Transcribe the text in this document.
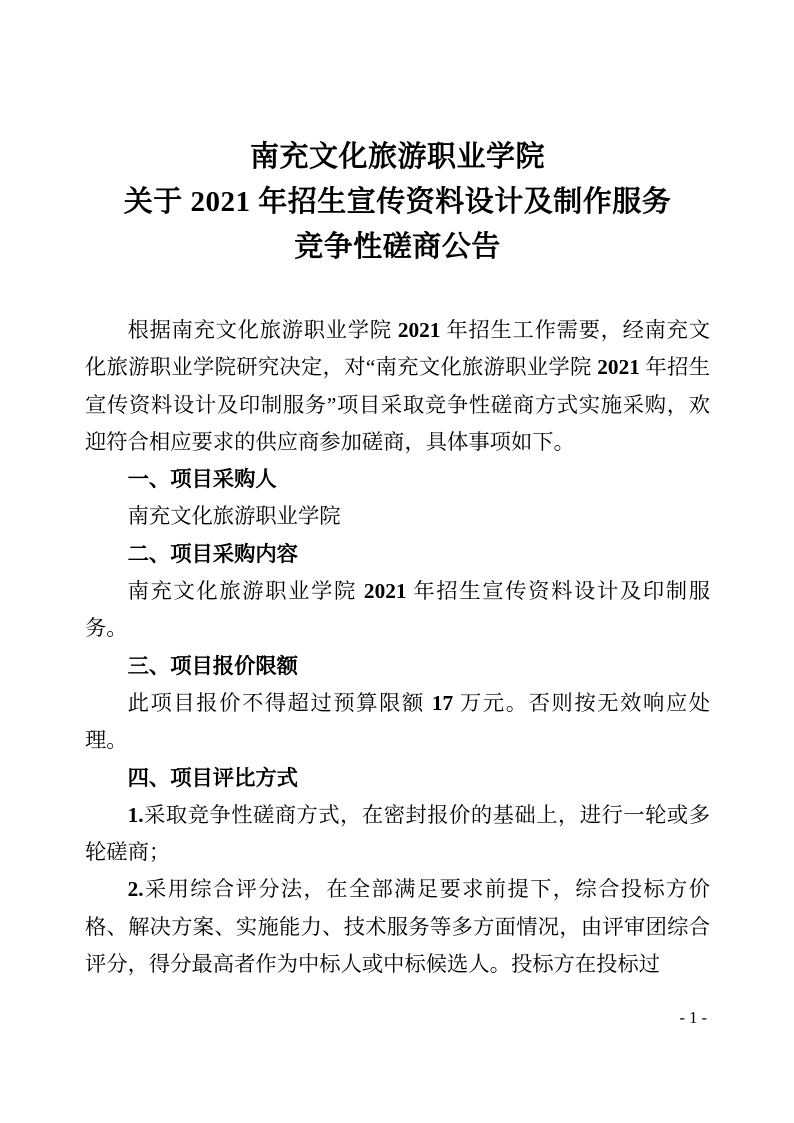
南充文化旅游职业学院
关于 2021 年招生宣传资料设计及制作服务
竞争性磋商公告

根据南充文化旅游职业学院 2021 年招生工作需要，经南充文化旅游职业学院研究决定，对“南充文化旅游职业学院 2021 年招生宣传资料设计及印制服务”项目采取竞争性磋商方式实施采购，欢迎符合相应要求的供应商参加磋商，具体事项如下。

一、项目采购人

南充文化旅游职业学院

二、项目采购内容

南充文化旅游职业学院 2021 年招生宣传资料设计及印制服务。

三、项目报价限额

此项目报价不得超过预算限额 17 万元。否则按无效响应处理。

四、项目评比方式

1.采取竞争性磋商方式，在密封报价的基础上，进行一轮或多轮磋商；

2.采用综合评分法，在全部满足要求前提下，综合投标方价格、解决方案、实施能力、技术服务等多方面情况，由评审团综合评分，得分最高者作为中标人或中标候选人。投标方在投标过

- 1 -
